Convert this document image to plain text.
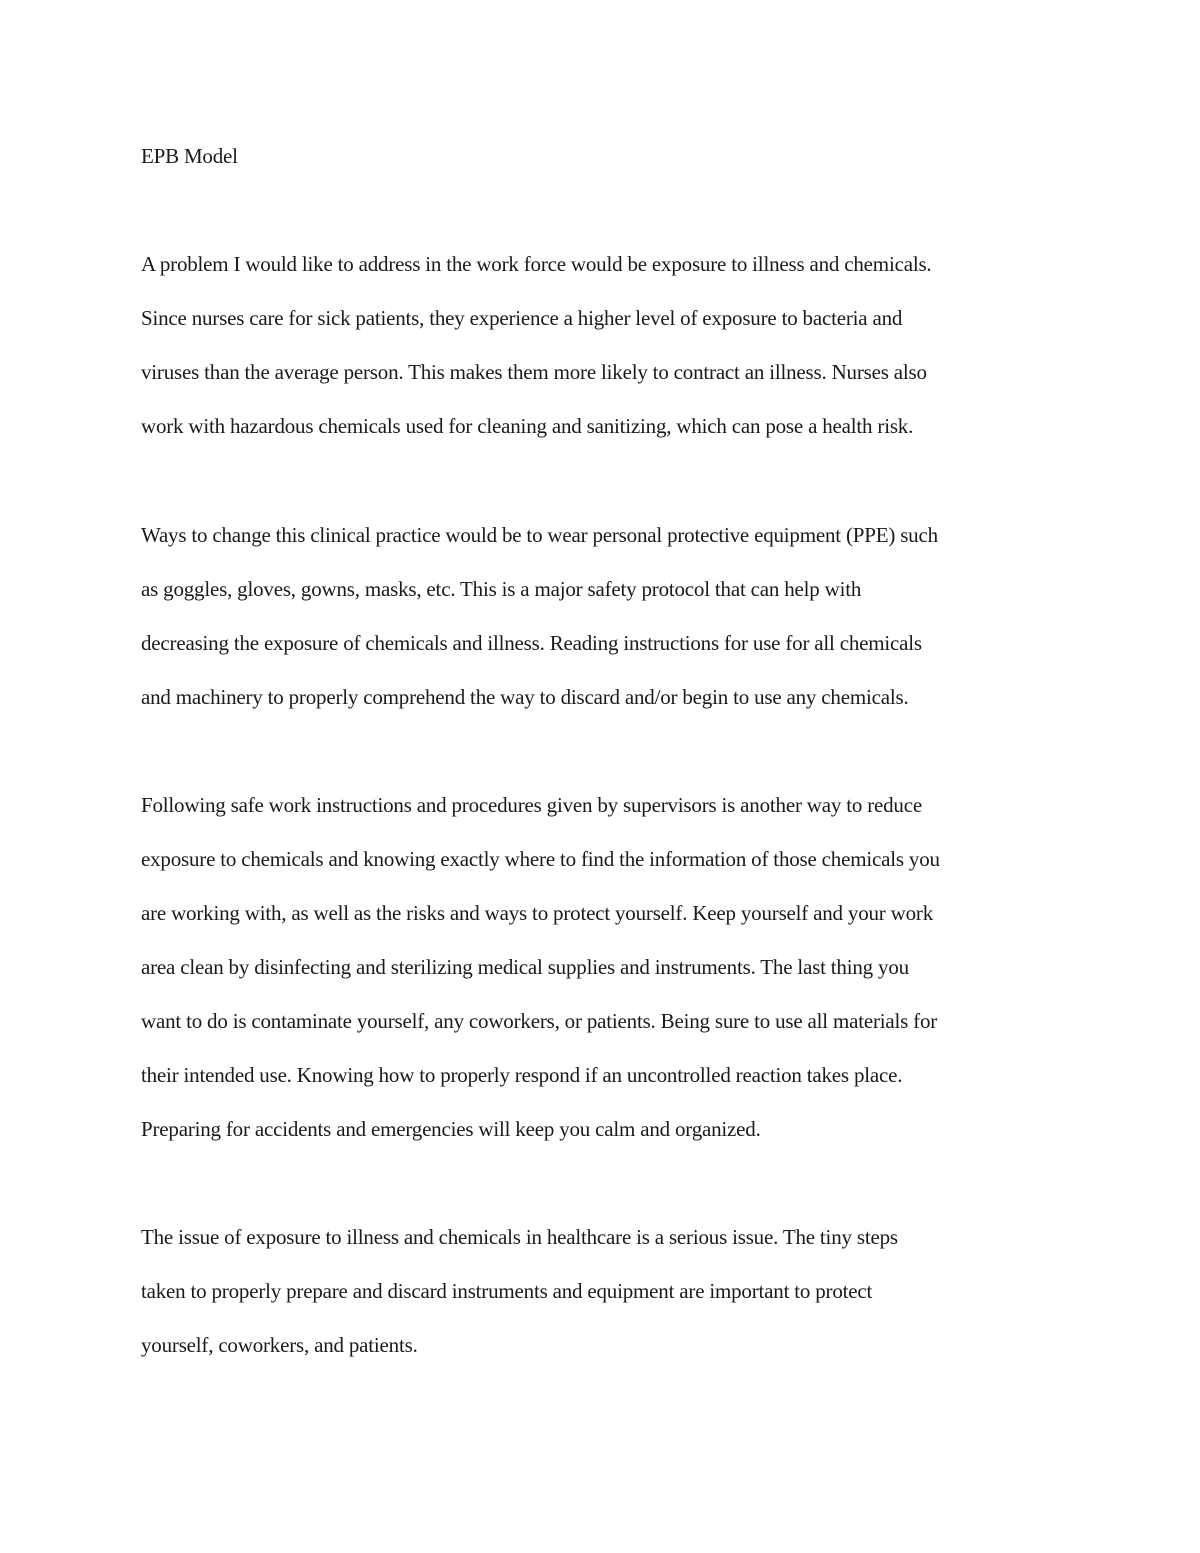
EPB Model

A problem I would like to address in the work force would be exposure to illness and chemicals.
Since nurses care for sick patients, they experience a higher level of exposure to bacteria and
viruses than the average person. This makes them more likely to contract an illness. Nurses also
work with hazardous chemicals used for cleaning and sanitizing, which can pose a health risk.

Ways to change this clinical practice would be to wear personal protective equipment (PPE) such
as goggles, gloves, gowns, masks, etc. This is a major safety protocol that can help with
decreasing the exposure of chemicals and illness. Reading instructions for use for all chemicals
and machinery to properly comprehend the way to discard and/or begin to use any chemicals.

Following safe work instructions and procedures given by supervisors is another way to reduce
exposure to chemicals and knowing exactly where to find the information of those chemicals you
are working with, as well as the risks and ways to protect yourself. Keep yourself and your work
area clean by disinfecting and sterilizing medical supplies and instruments. The last thing you
want to do is contaminate yourself, any coworkers, or patients. Being sure to use all materials for
their intended use. Knowing how to properly respond if an uncontrolled reaction takes place.
Preparing for accidents and emergencies will keep you calm and organized.

The issue of exposure to illness and chemicals in healthcare is a serious issue. The tiny steps
taken to properly prepare and discard instruments and equipment are important to protect
yourself, coworkers, and patients.
